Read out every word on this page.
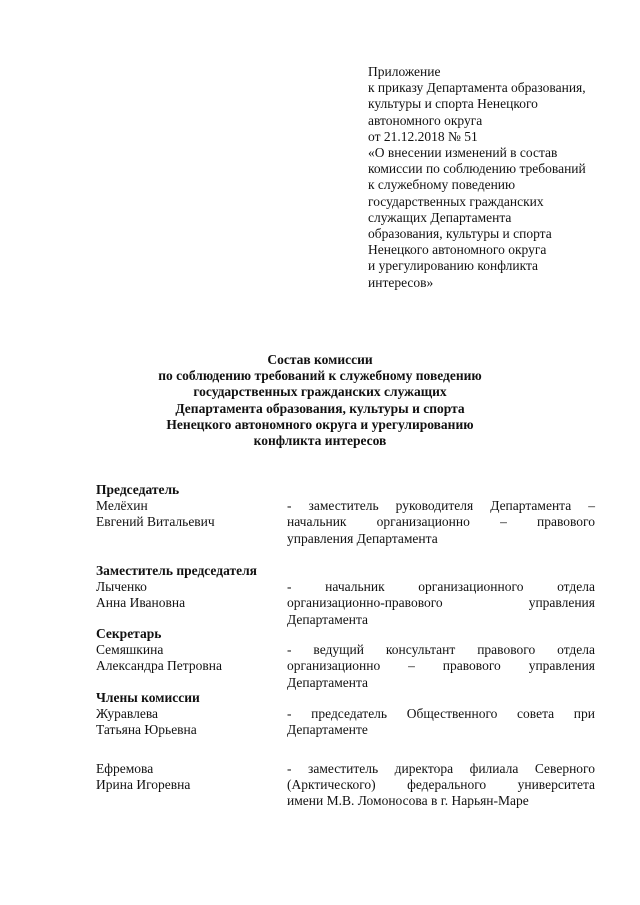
Приложение
к приказу Департамента образования,
культуры и спорта Ненецкого
автономного округа
от 21.12.2018 № 51
«О внесении изменений в состав
комиссии по соблюдению требований
к служебному поведению
государственных гражданских
служащих Департамента
образования, культуры и спорта
Ненецкого автономного округа
и урегулированию конфликта
интересов»
Состав комиссии
по соблюдению требований к служебному поведению
государственных гражданских служащих
Департамента образования, культуры и спорта
Ненецкого автономного округа и урегулированию
конфликта интересов
Председатель
Мелёхин
Евгений Витальевич
- заместитель руководителя Департамента –
начальник организационно – правового
управления Департамента
Заместитель председателя
Лыченко
Анна Ивановна
- начальник организационного отдела
организационно-правового управления
Департамента
Секретарь
Семяшкина
Александра Петровна
- ведущий консультант правового отдела
организационно – правового управления
Департамента
Члены комиссии
Журавлева
Татьяна Юрьевна
- председатель Общественного совета при
Департаменте
Ефремова
Ирина Игоревна
- заместитель директора филиала Северного
(Арктического) федерального университета
имени М.В. Ломоносова в г. Нарьян-Маре
